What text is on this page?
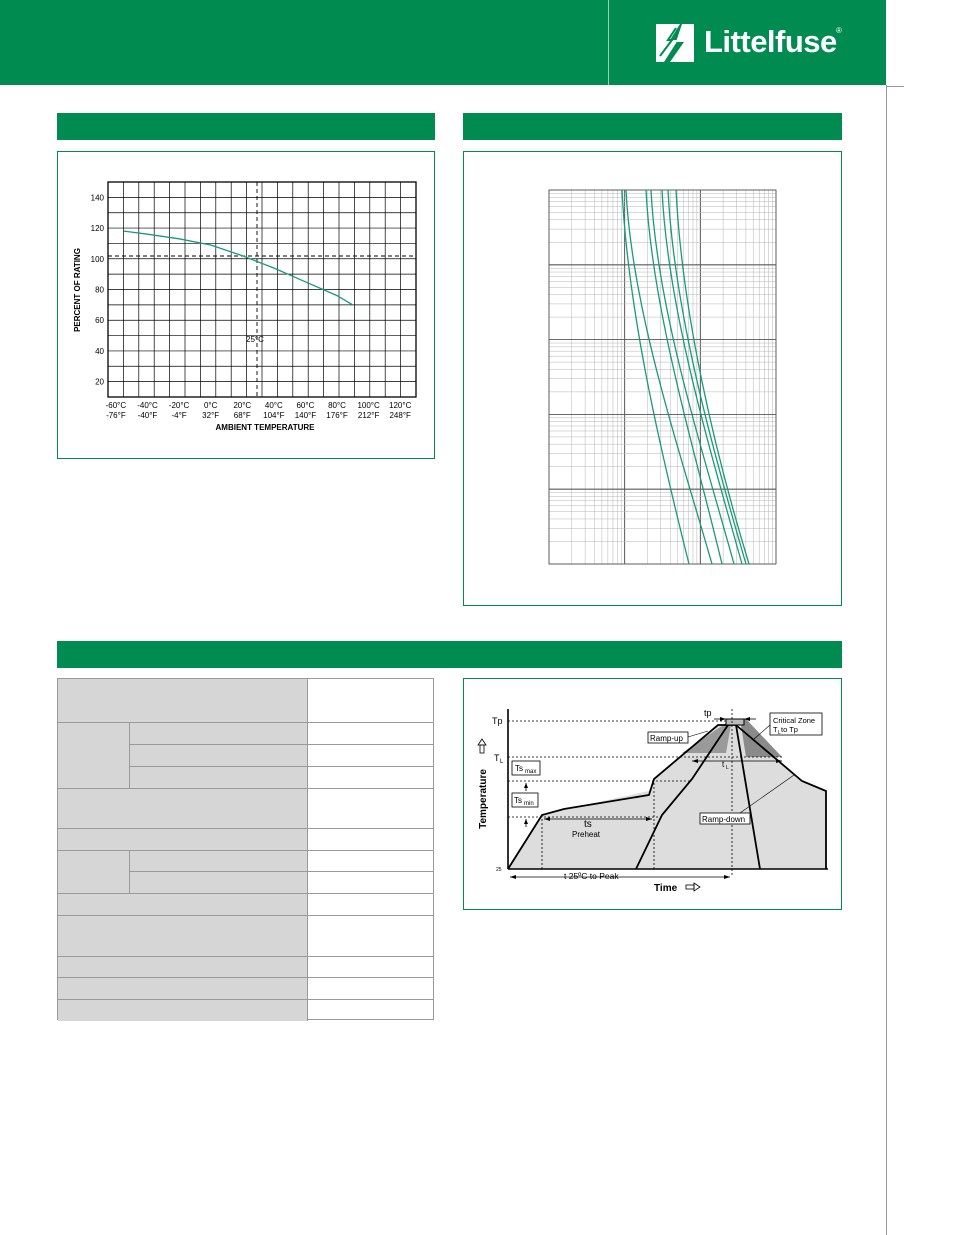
Littelfuse ®
25°C
140
120
100
80
60
40
20
-60°C
-76°F
-40°C
-40°F
-20°C
-4°F
0°C
32°F
20°C
68°F
40°C
104°F
60°C
140°F
80°C
176°F
100°C
212°F
120°C
248°F
PERCENT OF RATING
AMBIENT TEMPERATURE
Tp
T L
Ts max
Ts min
ts
Preheat
Ramp-up
Ramp-down
Critical Zone
T L to Tp
tp
t L
25
t 25ºC to Peak
Temperature
Time
